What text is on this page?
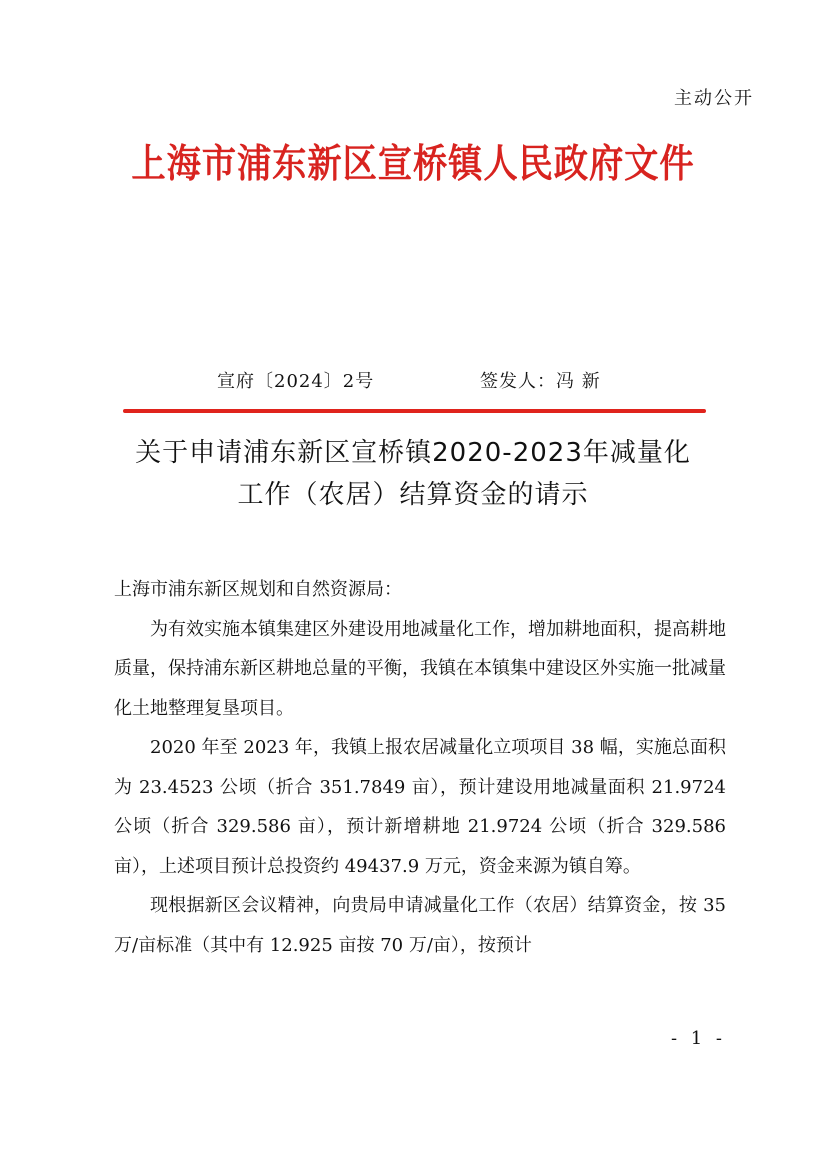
主动公开
上海市浦东新区宣桥镇人民政府文件
宣府〔2024〕2号	签发人：冯 新
关于申请浦东新区宣桥镇2020-2023年减量化
工作（农居）结算资金的请示

上海市浦东新区规划和自然资源局：

为有效实施本镇集建区外建设用地减量化工作，增加耕地面积，提高耕地质量，保持浦东新区耕地总量的平衡，我镇在本镇集中建设区外实施一批减量化土地整理复垦项目。

2020 年至 2023 年，我镇上报农居减量化立项项目 38 幅，实施总面积为 23.4523 公顷（折合 351.7849 亩），预计建设用地减量面积 21.9724 公顷（折合 329.586 亩），预计新增耕地 21.9724 公顷（折合 329.586 亩），上述项目预计总投资约 49437.9 万元，资金来源为镇自筹。

现根据新区会议精神，向贵局申请减量化工作（农居）结算资金，按 35 万/亩标准（其中有 12.925 亩按 70 万/亩），按预计

- 1 -
